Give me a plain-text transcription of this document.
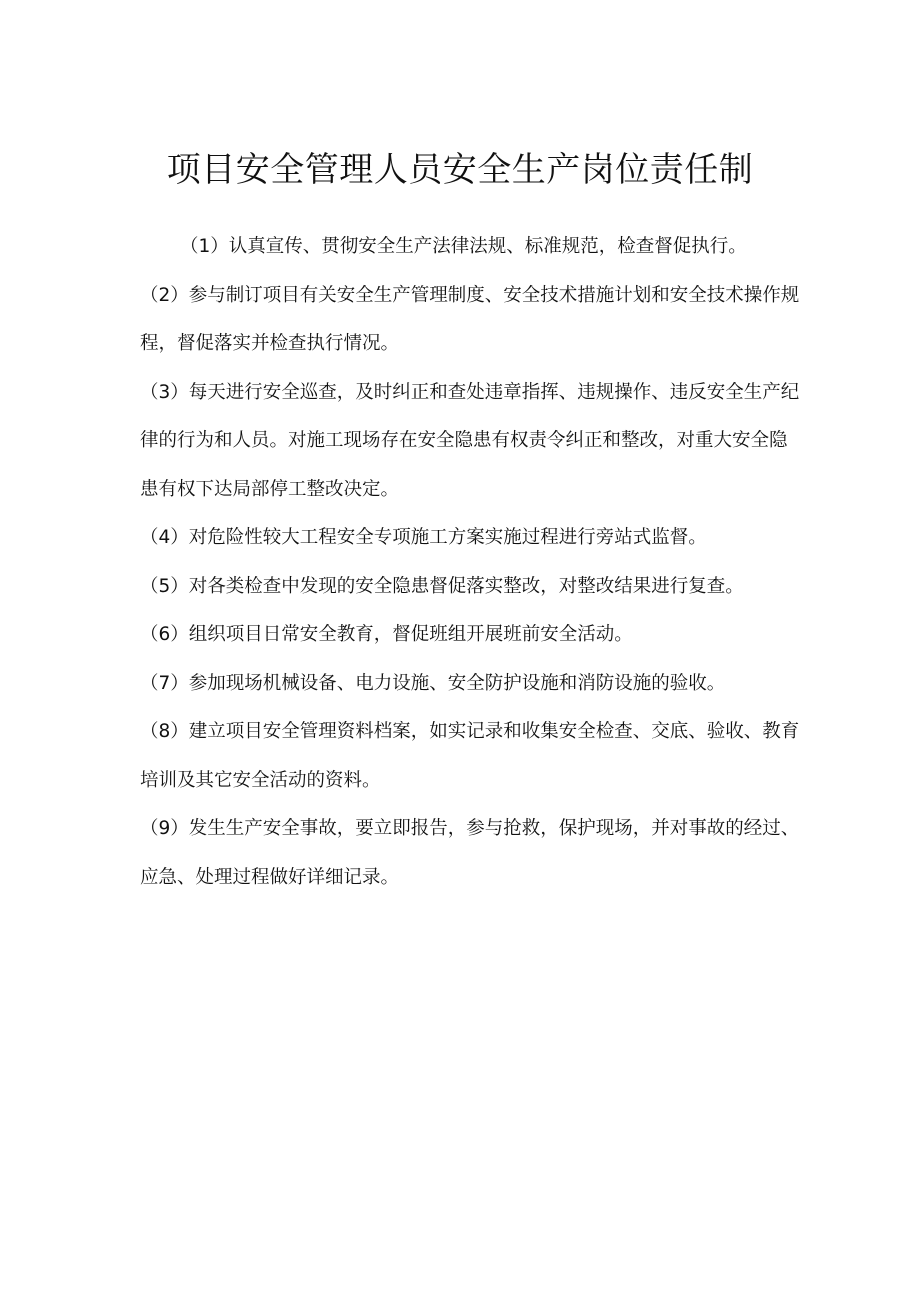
项目安全管理人员安全生产岗位责任制

（1）认真宣传、贯彻安全生产法律法规、标准规范，检查督促执行。

（2）参与制订项目有关安全生产管理制度、安全技术措施计划和安全技术操作规程，督促落实并检查执行情况。

（3）每天进行安全巡查，及时纠正和查处违章指挥、违规操作、违反安全生产纪律的行为和人员。对施工现场存在安全隐患有权责令纠正和整改，对重大安全隐患有权下达局部停工整改决定。

（4）对危险性较大工程安全专项施工方案实施过程进行旁站式监督。

（5）对各类检查中发现的安全隐患督促落实整改，对整改结果进行复查。

（6）组织项目日常安全教育，督促班组开展班前安全活动。

（7）参加现场机械设备、电力设施、安全防护设施和消防设施的验收。

（8）建立项目安全管理资料档案，如实记录和收集安全检查、交底、验收、教育培训及其它安全活动的资料。

（9）发生生产安全事故，要立即报告，参与抢救，保护现场，并对事故的经过、应急、处理过程做好详细记录。
